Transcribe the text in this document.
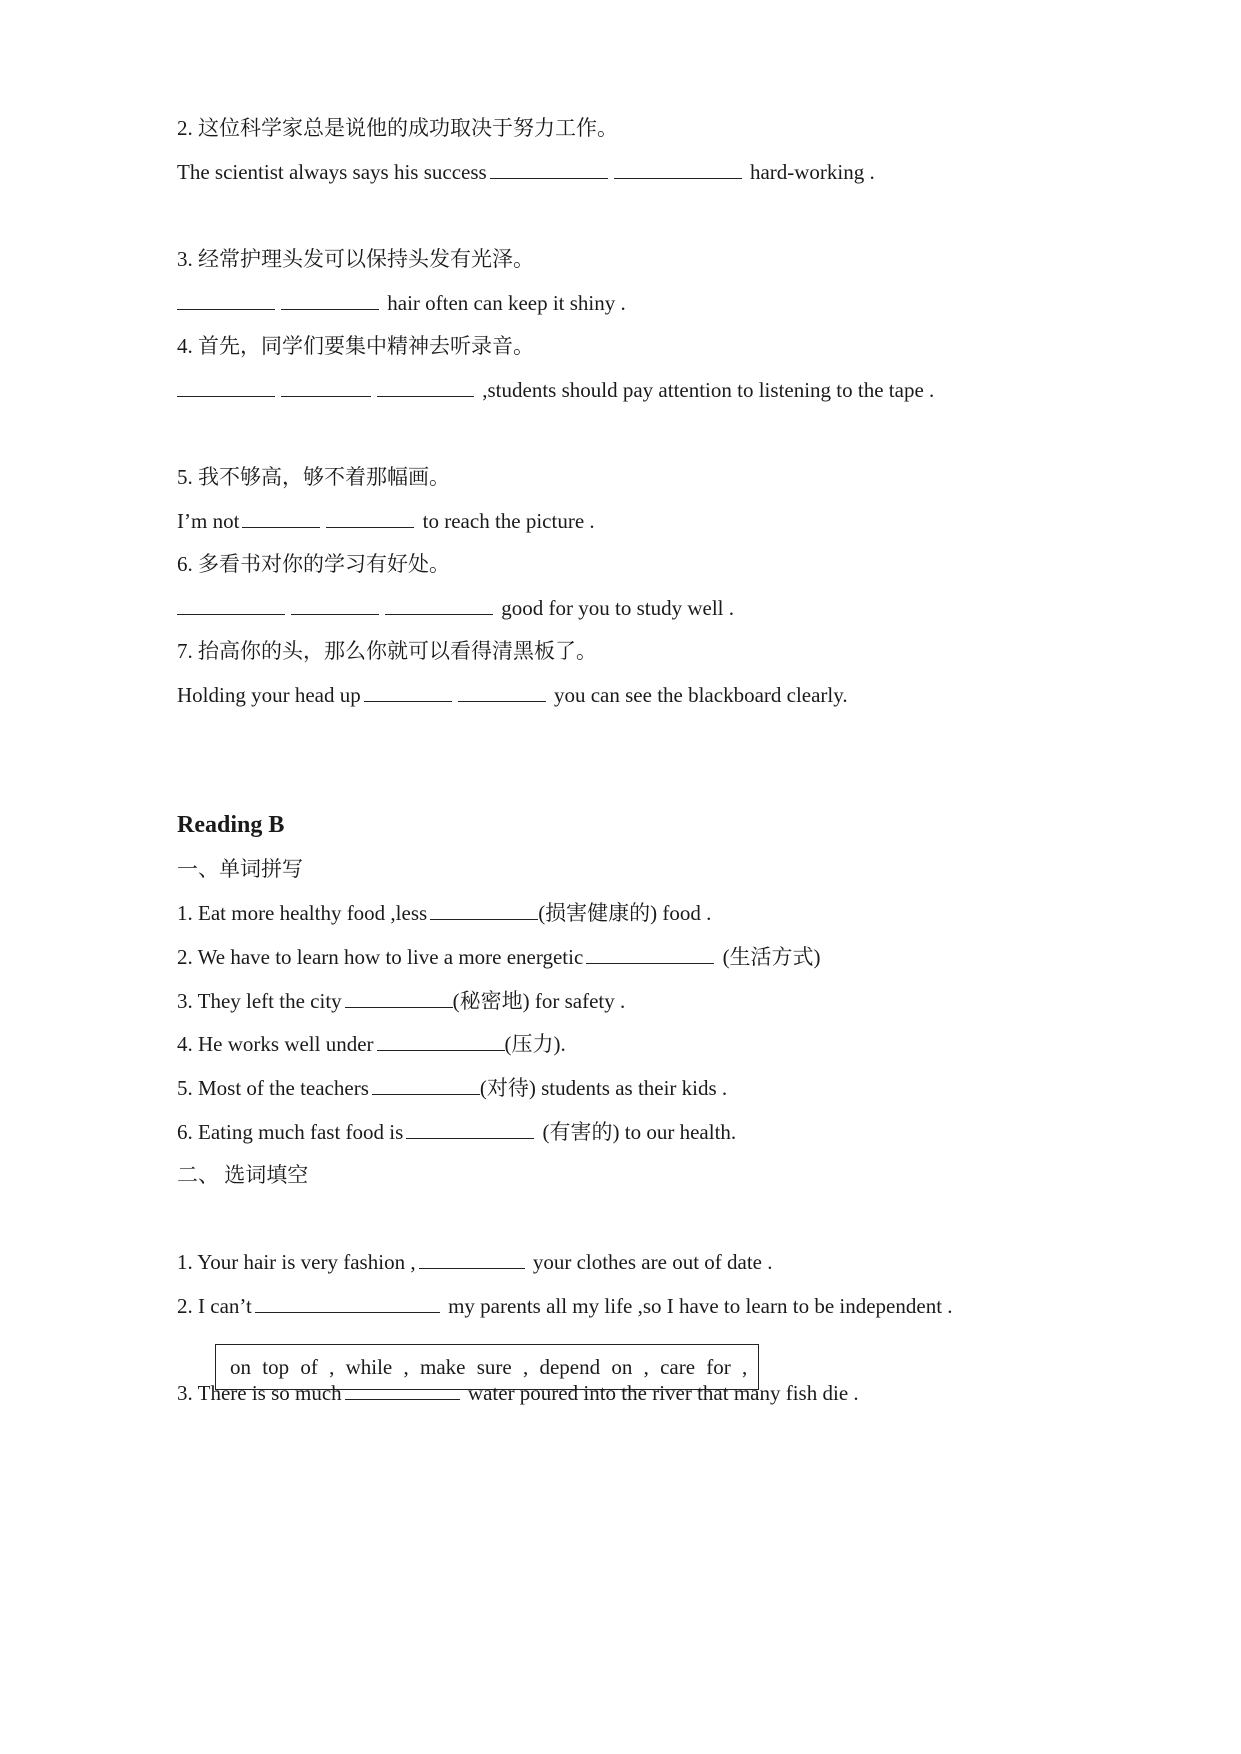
2. 这位科学家总是说他的成功取决于努力工作。
The scientist always says his success	hard-working .
3. 经常护理头发可以保持头发有光泽。
hair often can keep it shiny .
4. 首先，同学们要集中精神去听录音。
,students should pay attention to listening to the tape .
5. 我不够高，够不着那幅画。
I’m not	to reach the picture .
6. 多看书对你的学习有好处。
good for you to study well .
7. 抬高你的头，那么你就可以看得清黑板了。
Holding your head up	you can see the blackboard clearly.
Reading B
一、单词拼写
1. Eat more healthy food ,less	(损害健康的) food .
2. We have to learn how to live a more energetic	(生活方式)
3. They left the city	(秘密地) for safety .
4. He works well under	(压力).
5. Most of the teachers	(对待) students as their kids .
6. Eating much fast food is	(有害的) to our health.
二、 选词填空
on top of , while , make sure , depend on , care for ,
1. Your hair is very fashion ,	your clothes are out of date .
2. I can’t	my parents all my life ,so I have to learn to be independent .
3. There is so much	water poured into the river that many fish die .
